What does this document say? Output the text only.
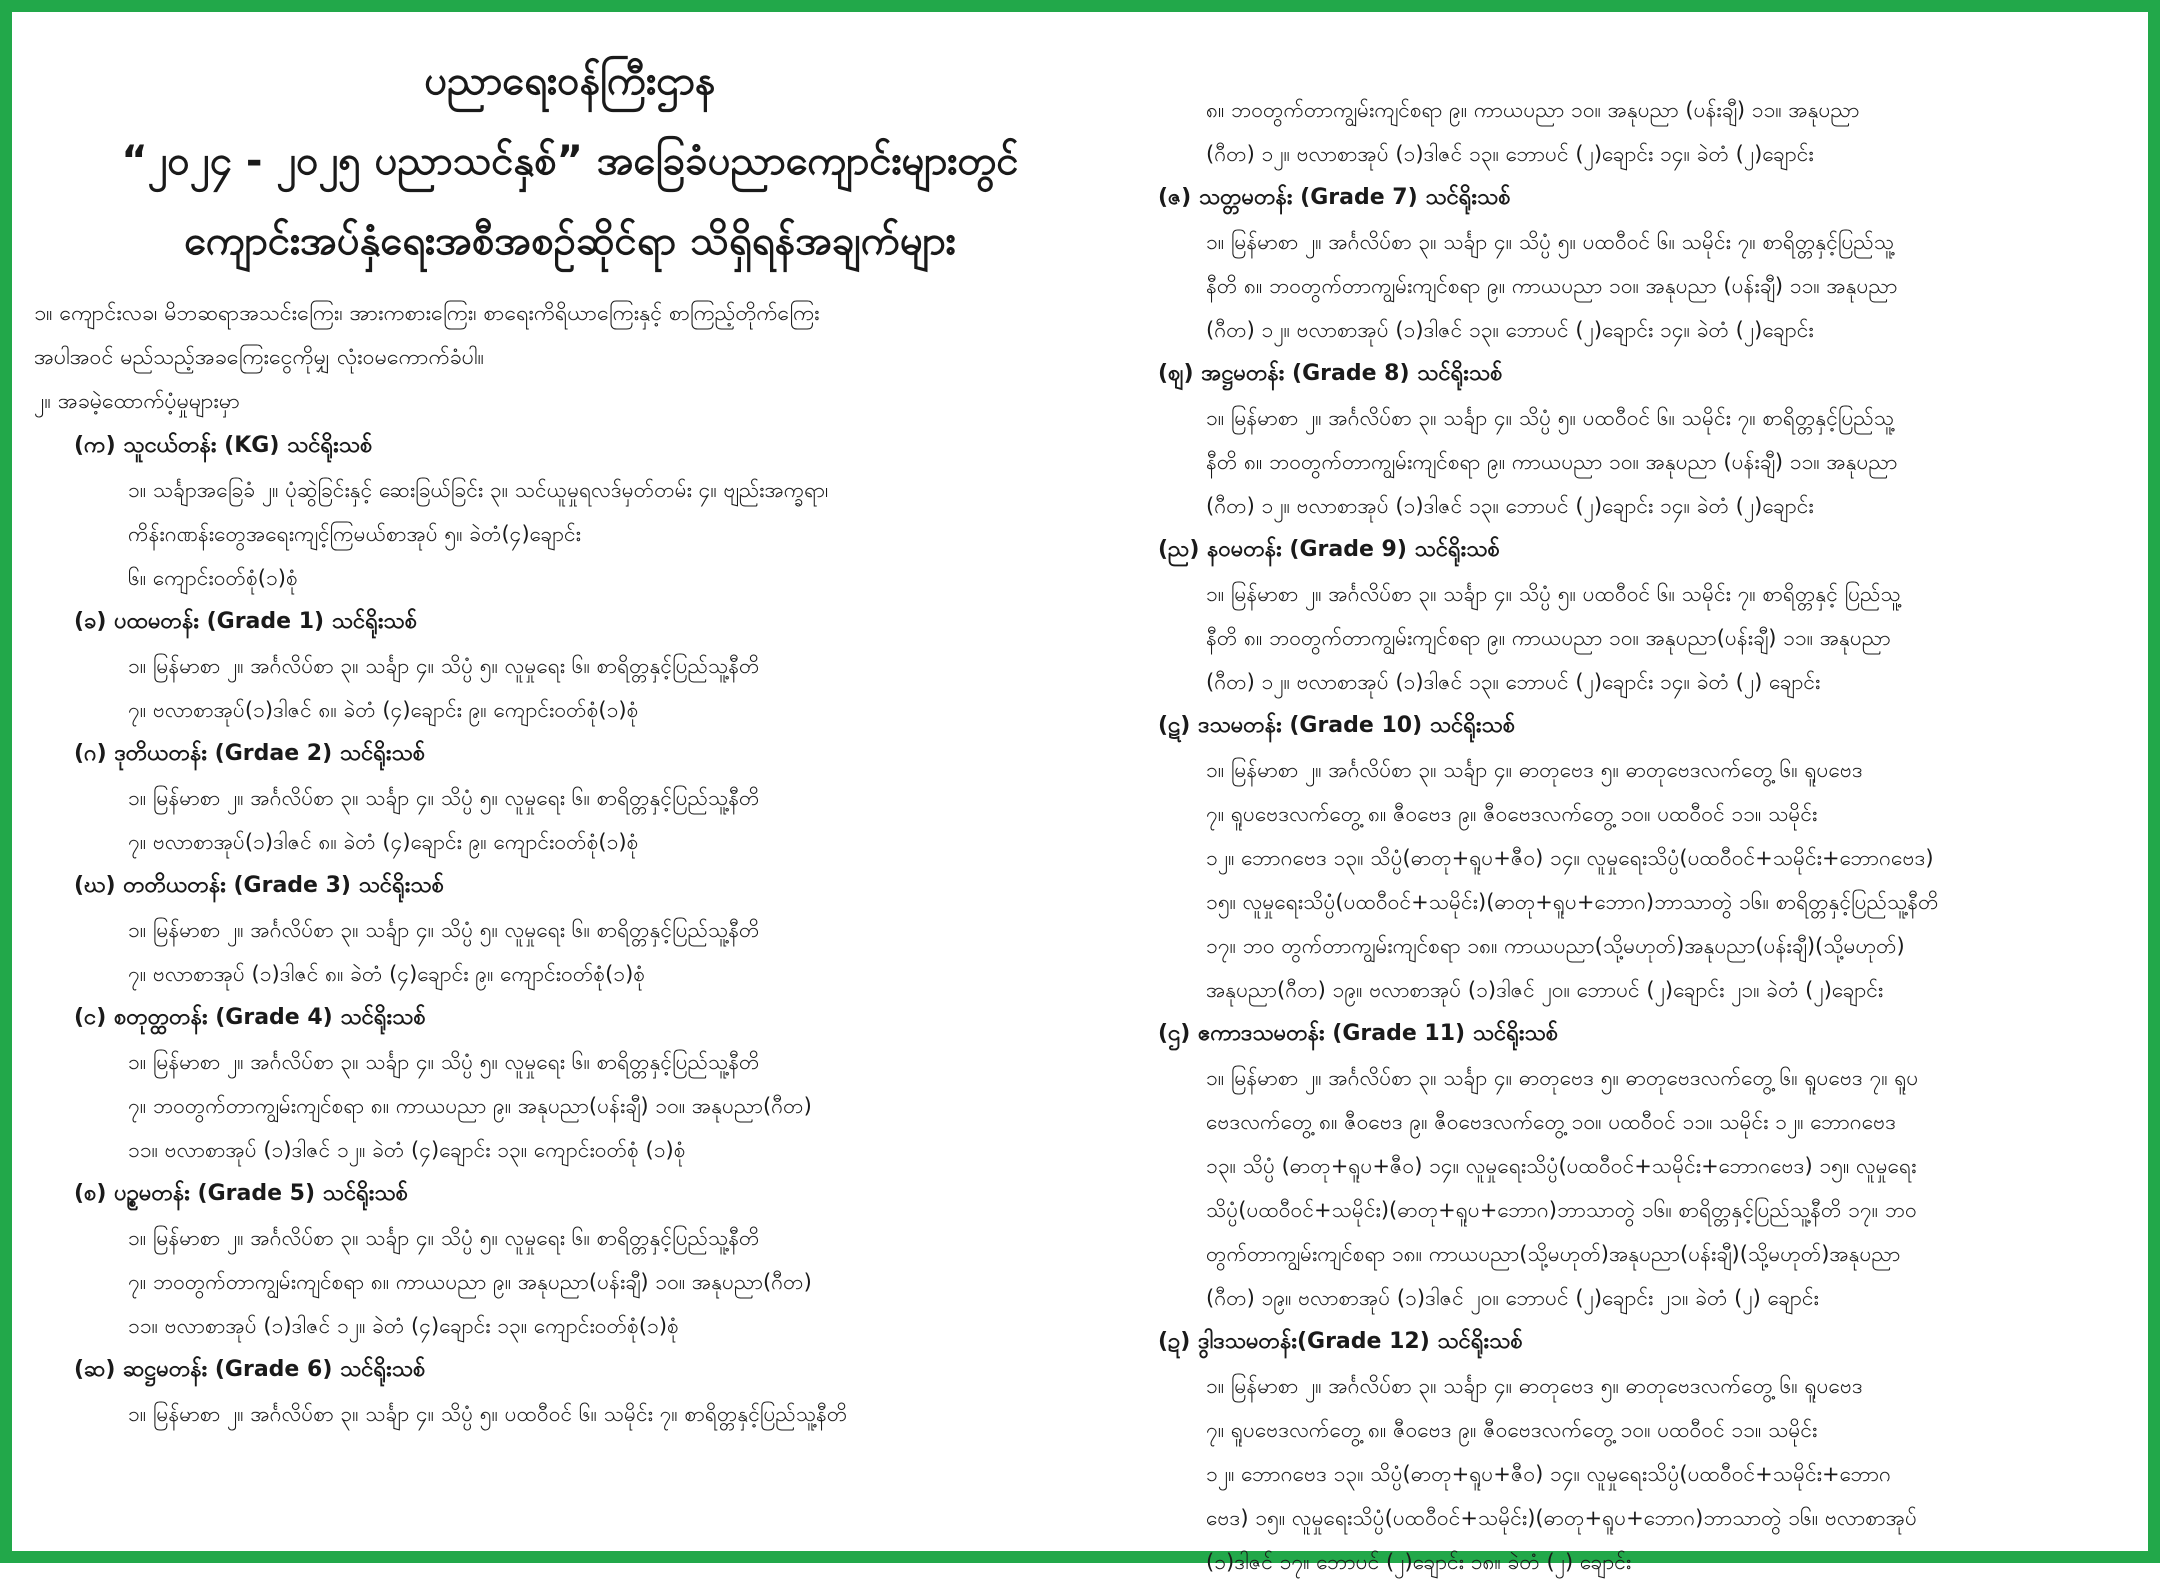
ပညာရေးဝန်ကြီးဌာန
“၂၀၂၄ - ၂၀၂၅ ပညာသင်နှစ်” အခြေခံပညာကျောင်းများတွင်
ကျောင်းအပ်နှံရေးအစီအစဉ်ဆိုင်ရာ သိရှိရန်အချက်များ

၁။ ကျောင်းလခ၊ မိဘဆရာအသင်းကြေး၊ အားကစားကြေး၊ စာရေးကိရိယာကြေးနှင့် စာကြည့်တိုက်ကြေး

အပါအဝင် မည်သည့်အခကြေးငွေကိုမျှ လုံးဝမကောက်ခံပါ။

၂။ အခမဲ့ထောက်ပံ့မှုများမှာ

(က) သူငယ်တန်း (KG) သင်ရိုးသစ်
၁။ သင်္ချာအခြေခံ ၂။ ပုံဆွဲခြင်းနှင့် ဆေးခြယ်ခြင်း ၃။ သင်ယူမှုရလဒ်မှတ်တမ်း ၄။ ဗျည်းအက္ခရာ၊
ကိန်းဂဏန်းတွေအရေးကျင့်ကြမယ်စာအုပ် ၅။ ခဲတံ(၄)ချောင်း
၆။ ကျောင်းဝတ်စုံ(၁)စုံ
(ခ) ပထမတန်း (Grade 1) သင်ရိုးသစ်
၁။ မြန်မာစာ ၂။ အင်္ဂလိပ်စာ ၃။ သင်္ချာ ၄။ သိပ္ပံ ၅။ လူမှုရေး ၆။ စာရိတ္တနှင့်ပြည်သူ့နီတိ
၇။ ဗလာစာအုပ်(၁)ဒါဇင် ၈။ ခဲတံ (၄)ချောင်း ၉။ ကျောင်းဝတ်စုံ(၁)စုံ
(ဂ) ဒုတိယတန်း (Grdae 2) သင်ရိုးသစ်
၁။ မြန်မာစာ ၂။ အင်္ဂလိပ်စာ ၃။ သင်္ချာ ၄။ သိပ္ပံ ၅။ လူမှုရေး ၆။ စာရိတ္တနှင့်ပြည်သူ့နီတိ
၇။ ဗလာစာအုပ်(၁)ဒါဇင် ၈။ ခဲတံ (၄)ချောင်း ၉။ ကျောင်းဝတ်စုံ(၁)စုံ
(ဃ) တတိယတန်း (Grade 3) သင်ရိုးသစ်
၁။ မြန်မာစာ ၂။ အင်္ဂလိပ်စာ ၃။ သင်္ချာ ၄။ သိပ္ပံ ၅။ လူမှုရေး ၆။ စာရိတ္တနှင့်ပြည်သူ့နီတိ
၇။ ဗလာစာအုပ် (၁)ဒါဇင် ၈။ ခဲတံ (၄)ချောင်း ၉။ ကျောင်းဝတ်စုံ(၁)စုံ
(င) စတုတ္ထတန်း (Grade 4) သင်ရိုးသစ်
၁။ မြန်မာစာ ၂။ အင်္ဂလိပ်စာ ၃။ သင်္ချာ ၄။ သိပ္ပံ ၅။ လူမှုရေး ၆။ စာရိတ္တနှင့်ပြည်သူ့နီတိ
၇။ ဘဝတွက်တာကျွမ်းကျင်စရာ ၈။ ကာယပညာ ၉။ အနုပညာ(ပန်းချီ) ၁၀။ အနုပညာ(ဂီတ)
၁၁။ ဗလာစာအုပ် (၁)ဒါဇင် ၁၂။ ခဲတံ (၄)ချောင်း ၁၃။ ကျောင်းဝတ်စုံ (၁)စုံ
(စ) ပဉ္စမတန်း (Grade 5) သင်ရိုးသစ်
၁။ မြန်မာစာ ၂။ အင်္ဂလိပ်စာ ၃။ သင်္ချာ ၄။ သိပ္ပံ ၅။ လူမှုရေး ၆။ စာရိတ္တနှင့်ပြည်သူ့နီတိ
၇။ ဘဝတွက်တာကျွမ်းကျင်စရာ ၈။ ကာယပညာ ၉။ အနုပညာ(ပန်းချီ) ၁၀။ အနုပညာ(ဂီတ)
၁၁။ ဗလာစာအုပ် (၁)ဒါဇင် ၁၂။ ခဲတံ (၄)ချောင်း ၁၃။ ကျောင်းဝတ်စုံ(၁)စုံ
(ဆ) ဆဋ္ဌမတန်း (Grade 6) သင်ရိုးသစ်
၁။ မြန်မာစာ ၂။ အင်္ဂလိပ်စာ ၃။ သင်္ချာ ၄။ သိပ္ပံ ၅။ ပထဝီဝင် ၆။ သမိုင်း ၇။ စာရိတ္တနှင့်ပြည်သူ့နီတိ
၈။ ဘဝတွက်တာကျွမ်းကျင်စရာ ၉။ ကာယပညာ ၁၀။ အနုပညာ (ပန်းချီ) ၁၁။ အနုပညာ
(ဂီတ) ၁၂။ ဗလာစာအုပ် (၁)ဒါဇင် ၁၃။ ဘောပင် (၂)ချောင်း ၁၄။ ခဲတံ (၂)ချောင်း
(ဇ) သတ္တမတန်း (Grade 7) သင်ရိုးသစ်
၁။ မြန်မာစာ ၂။ အင်္ဂလိပ်စာ ၃။ သင်္ချာ ၄။ သိပ္ပံ ၅။ ပထဝီဝင် ၆။ သမိုင်း ၇။ စာရိတ္တနှင့်ပြည်သူ့
နီတိ ၈။ ဘဝတွက်တာကျွမ်းကျင်စရာ ၉။ ကာယပညာ ၁၀။ အနုပညာ (ပန်းချီ) ၁၁။ အနုပညာ
(ဂီတ) ၁၂။ ဗလာစာအုပ် (၁)ဒါဇင် ၁၃။ ဘောပင် (၂)ချောင်း ၁၄။ ခဲတံ (၂)ချောင်း
(ဈ) အဋ္ဌမတန်း (Grade 8) သင်ရိုးသစ်
၁။ မြန်မာစာ ၂။ အင်္ဂလိပ်စာ ၃။ သင်္ချာ ၄။ သိပ္ပံ ၅။ ပထဝီဝင် ၆။ သမိုင်း ၇။ စာရိတ္တနှင့်ပြည်သူ့
နီတိ ၈။ ဘဝတွက်တာကျွမ်းကျင်စရာ ၉။ ကာယပညာ ၁၀။ အနုပညာ (ပန်းချီ) ၁၁။ အနုပညာ
(ဂီတ) ၁၂။ ဗလာစာအုပ် (၁)ဒါဇင် ၁၃။ ဘောပင် (၂)ချောင်း ၁၄။ ခဲတံ (၂)ချောင်း
(ည) နဝမတန်း (Grade 9) သင်ရိုးသစ်
၁။ မြန်မာစာ ၂။ အင်္ဂလိပ်စာ ၃။ သင်္ချာ ၄။ သိပ္ပံ ၅။ ပထဝီဝင် ၆။ သမိုင်း ၇။ စာရိတ္တနှင့် ပြည်သူ့
နီတိ ၈။ ဘဝတွက်တာကျွမ်းကျင်စရာ ၉။ ကာယပညာ ၁၀။ အနုပညာ(ပန်းချီ) ၁၁။ အနုပညာ
(ဂီတ) ၁၂။ ဗလာစာအုပ် (၁)ဒါဇင် ၁၃။ ဘောပင် (၂)ချောင်း ၁၄။ ခဲတံ (၂) ချောင်း
(ဋ) ဒသမတန်း (Grade 10) သင်ရိုးသစ်
၁။ မြန်မာစာ ၂။ အင်္ဂလိပ်စာ ၃။ သင်္ချာ ၄။ ဓာတုဗေဒ ၅။ ဓာတုဗေဒလက်တွေ့ ၆။ ရူပဗေဒ
၇။ ရူပဗေဒလက်တွေ့ ၈။ ဇီဝဗေဒ ၉။ ဇီဝဗေဒလက်တွေ့ ၁၀။ ပထဝီဝင် ၁၁။ သမိုင်း
၁၂။ ဘောဂဗေဒ ၁၃။ သိပ္ပံ(ဓာတု+ရူပ+ဇီဝ) ၁၄။ လူမှုရေးသိပ္ပံ(ပထဝီဝင်+သမိုင်း+ဘောဂဗေဒ)
၁၅။ လူမှုရေးသိပ္ပံ(ပထဝီဝင်+သမိုင်း)(ဓာတု+ရူပ+ဘောဂ)ဘာသာတွဲ ၁၆။ စာရိတ္တနှင့်ပြည်သူ့နီတိ
၁၇။ ဘဝ တွက်တာကျွမ်းကျင်စရာ ၁၈။ ကာယပညာ(သို့မဟုတ်)အနုပညာ(ပန်းချီ)(သို့မဟုတ်)
အနုပညာ(ဂီတ) ၁၉။ ဗလာစာအုပ် (၁)ဒါဇင် ၂၀။ ဘောပင် (၂)ချောင်း ၂၁။ ခဲတံ (၂)ချောင်း
(ဌ) ဧကာဒသမတန်း (Grade 11) သင်ရိုးသစ်
၁။ မြန်မာစာ ၂။ အင်္ဂလိပ်စာ ၃။ သင်္ချာ ၄။ ဓာတုဗေဒ ၅။ ဓာတုဗေဒလက်တွေ့ ၆။ ရူပဗေဒ ၇။ ရူပ
ဗေဒလက်တွေ့ ၈။ ဇီဝဗေဒ ၉။ ဇီဝဗေဒလက်တွေ့ ၁၀။ ပထဝီဝင် ၁၁။ သမိုင်း ၁၂။ ဘောဂဗေဒ
၁၃။ သိပ္ပံ (ဓာတု+ရူပ+ဇီဝ) ၁၄။ လူမှုရေးသိပ္ပံ(ပထဝီဝင်+သမိုင်း+ဘောဂဗေဒ) ၁၅။ လူမှုရေး
သိပ္ပံ(ပထဝီဝင်+သမိုင်း)(ဓာတု+ရူပ+ဘောဂ)ဘာသာတွဲ ၁၆။ စာရိတ္တနှင့်ပြည်သူ့နီတိ ၁၇။ ဘဝ
တွက်တာကျွမ်းကျင်စရာ ၁၈။ ကာယပညာ(သို့မဟုတ်)အနုပညာ(ပန်းချီ)(သို့မဟုတ်)အနုပညာ
(ဂီတ) ၁၉။ ဗလာစာအုပ် (၁)ဒါဇင် ၂၀။ ဘောပင် (၂)ချောင်း ၂၁။ ခဲတံ (၂) ချောင်း
(ဍ) ဒွါဒသမတန်း(Grade 12) သင်ရိုးသစ်
၁။ မြန်မာစာ ၂။ အင်္ဂလိပ်စာ ၃။ သင်္ချာ ၄။ ဓာတုဗေဒ ၅။ ဓာတုဗေဒလက်တွေ့ ၆။ ရူပဗေဒ
၇။ ရူပဗေဒလက်တွေ့ ၈။ ဇီဝဗေဒ ၉။ ဇီဝဗေဒလက်တွေ့ ၁၀။ ပထဝီဝင် ၁၁။ သမိုင်း
၁၂။ ဘောဂဗေဒ ၁၃။ သိပ္ပံ(ဓာတု+ရူပ+ဇီဝ) ၁၄။ လူမှုရေးသိပ္ပံ(ပထဝီဝင်+သမိုင်း+ဘောဂ
ဗေဒ) ၁၅။ လူမှုရေးသိပ္ပံ(ပထဝီဝင်+သမိုင်း)(ဓာတု+ရူပ+ဘောဂ)ဘာသာတွဲ ၁၆။ ဗလာစာအုပ်
(၁)ဒါဇင် ၁၇။ ဘောပင် (၂)ချောင်း ၁၈။ ခဲတံ (၂) ချောင်း
